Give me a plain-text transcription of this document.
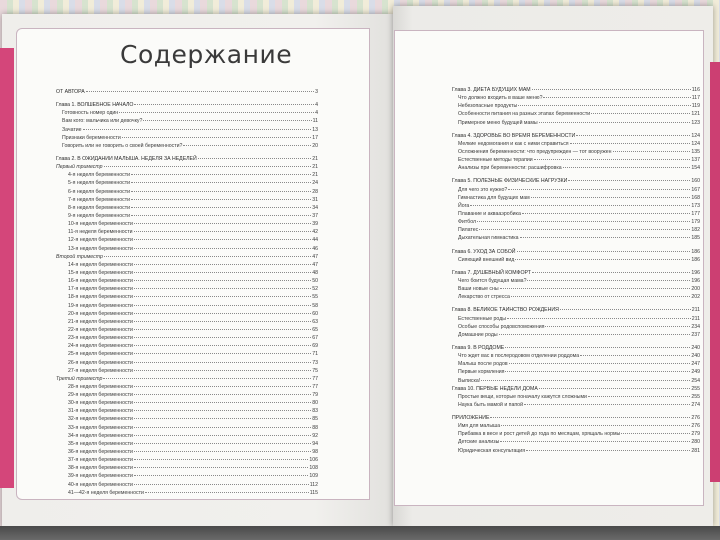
Содержание
ОТ АВТОРА	3
Глава 1. ВОЛШЕБНОЕ НАЧАЛО	4
Готовность номер один	4
Вам кого: мальчика или девочку?	11
Зачатие	13
Признаки беременности	17
Говорить или не говорить о своей беременности?	20
Глава 2. В ОЖИДАНИИ МАЛЫША. НЕДЕЛЯ ЗА НЕДЕЛЕЙ	21
Первый триместр	21
4-я неделя беременности	21
5-я неделя беременности	24
6-я неделя беременности	28
7-я неделя беременности	31
8-я неделя беременности	34
9-я неделя беременности	37
10-я неделя беременности	39
11-я неделя беременности	42
12-я неделя беременности	44
13-я неделя беременности	46
Второй триместр	47
14-я неделя беременности	47
15-я неделя беременности	48
16-я неделя беременности	50
17-я неделя беременности	52
18-я неделя беременности	55
19-я неделя беременности	58
20-я неделя беременности	60
21-я неделя беременности	63
22-я неделя беременности	65
23-я неделя беременности	67
24-я неделя беременности	69
25-я неделя беременности	71
26-я неделя беременности	73
27-я неделя беременности	75
Третий триместр	77
28-я неделя беременности	77
29-я неделя беременности	79
30-я неделя беременности	80
31-я неделя беременности	83
32-я неделя беременности	85
33-я неделя беременности	88
34-я неделя беременности	92
35-я неделя беременности	94
36-я неделя беременности	98
37-я неделя беременности	106
38-я неделя беременности	108
39-я неделя беременности	109
40-я неделя беременности	112
41—42-я неделя беременности	115
Глава 3. ДИЕТА БУДУЩИХ МАМ	116
Что должно входить в ваше меню?	117
Небезопасные продукты	119
Особенности питания на разных этапах беременности	121
Примерное меню будущей мамы	123
Глава 4. ЗДОРОВЬЕ ВО ВРЕМЯ БЕРЕМЕННОСТИ	124
Мелкие недомогания и как с ними справиться	124
Осложнения беременности: что предупрежден — тот вооружен	135
Естественные методы терапии	137
Анализы при беременности: расшифровка	154
Глава 5. ПОЛЕЗНЫЕ ФИЗИЧЕСКИЕ НАГРУЗКИ	160
Для чего это нужно?	167
Гимнастика для будущих мам	168
Йога	173
Плавание и аквааэробика	177
Фитбол	179
Пилатес	182
Дыхательная гимнастика	185
Глава 6. УХОД ЗА СОБОЙ	186
Сияющий внешний вид	186
Глава 7. ДУШЕВНЫЙ КОМФОРТ	196
Чего боится будущая мама?	196
Ваши новые сны	200
Лекарство от стресса	202
Глава 8. ВЕЛИКОЕ ТАИНСТВО РОЖДЕНИЯ	211
Естественные роды	211
Особые способы родовспоможения	234
Домашние роды	237
Глава 9. В РОДДОМЕ	240
Что ждет вас в послеродовом отделении роддома	240
Малыш после родов	247
Первые кормления	249
Выписка!	254
Глава 10. ПЕРВЫЕ НЕДЕЛИ ДОМА	255
Простые вещи, которые поначалу кажутся сложными	255
Наука быть мамой и папой	274
ПРИЛОЖЕНИЕ	276
Имя для малыша	276
Прибавка в весе и рост детей до года по месяцам, хрящаль нормы	279
Детские анализы	280
Юридическая консультация	281
